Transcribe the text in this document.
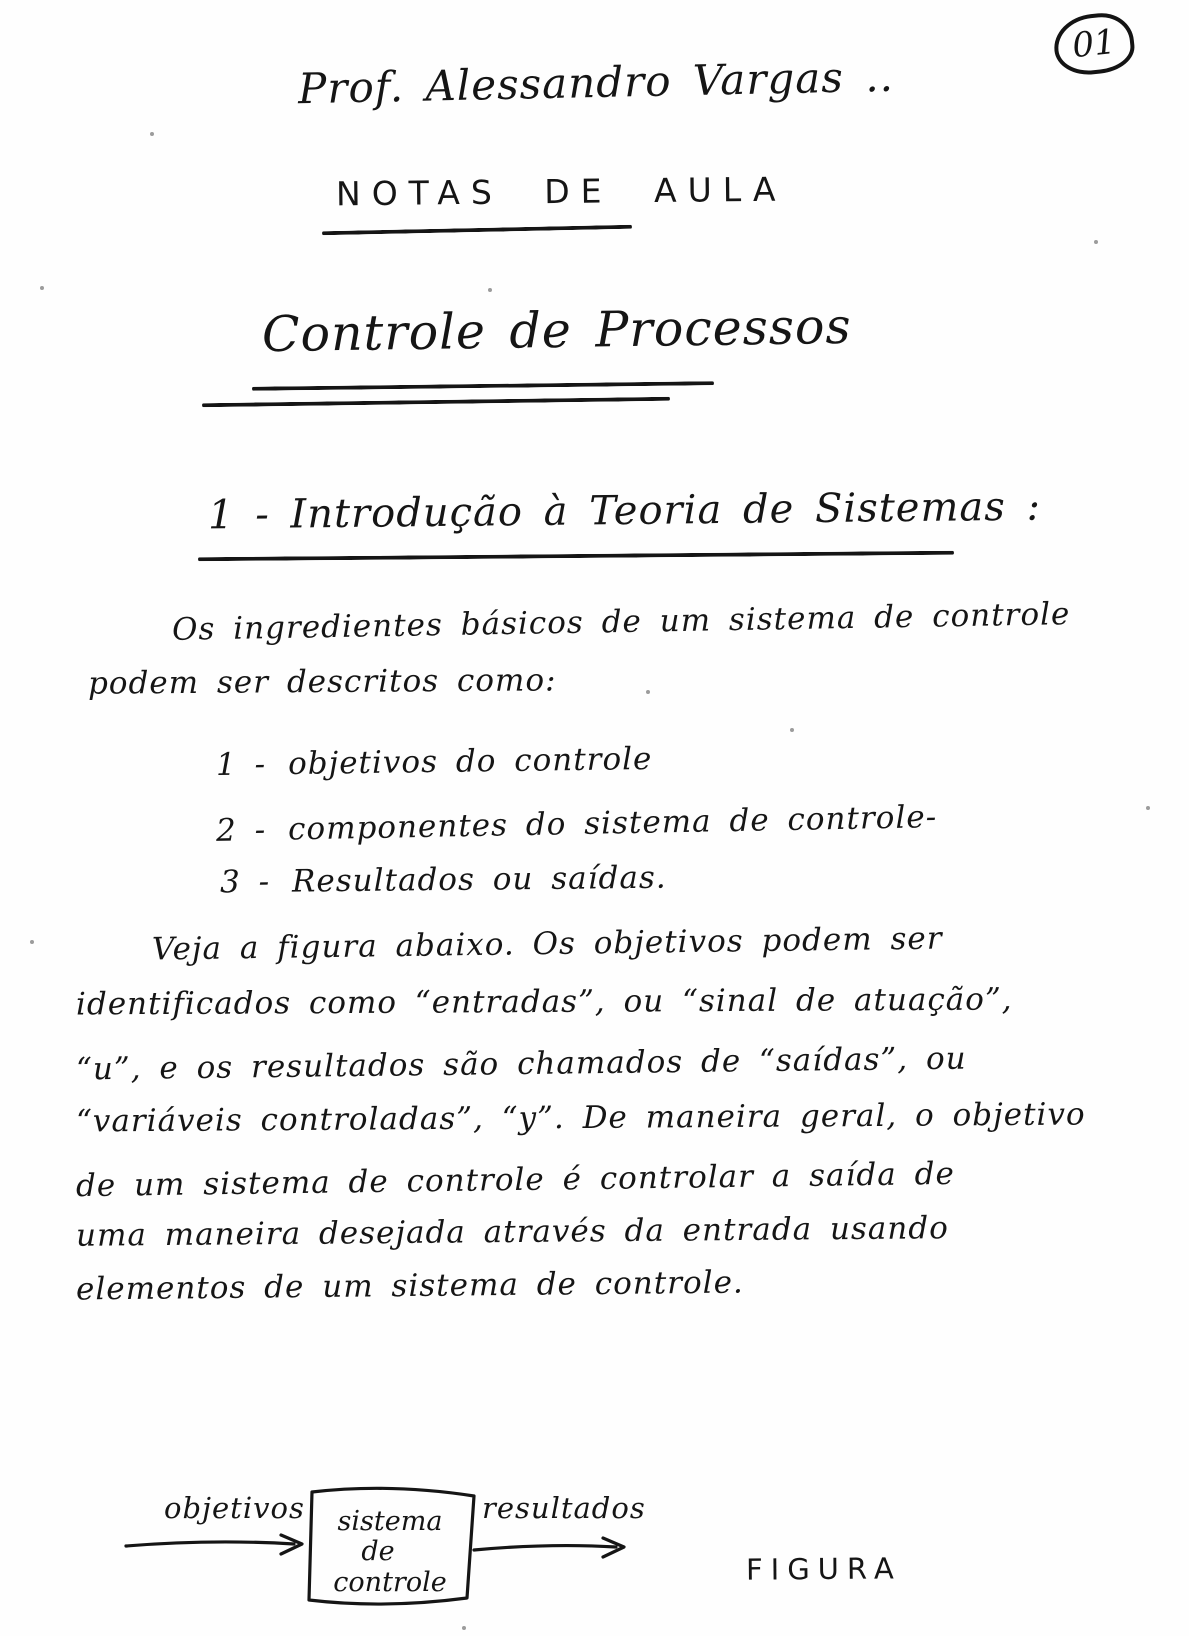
01
Prof. Alessandro Vargas ..
NOTAS DE AULA
Controle de Processos
1 - Introdução à Teoria de Sistemas :
Os ingredientes básicos de um sistema de controle
podem ser descritos como:
1 - objetivos do controle
2 - componentes do sistema de controle-
3 - Resultados ou saídas.
Veja a figura abaixo. Os objetivos podem ser
identificados como “entradas”, ou “sinal de atuação”,
“u”, e os resultados são chamados de “saídas”, ou
“variáveis controladas”, “y”. De maneira geral, o objetivo
de um sistema de controle é controlar a saída de
uma maneira desejada através da entrada usando
elementos de um sistema de controle.
objetivos sistema
de
controle
resultados
FIGURA
